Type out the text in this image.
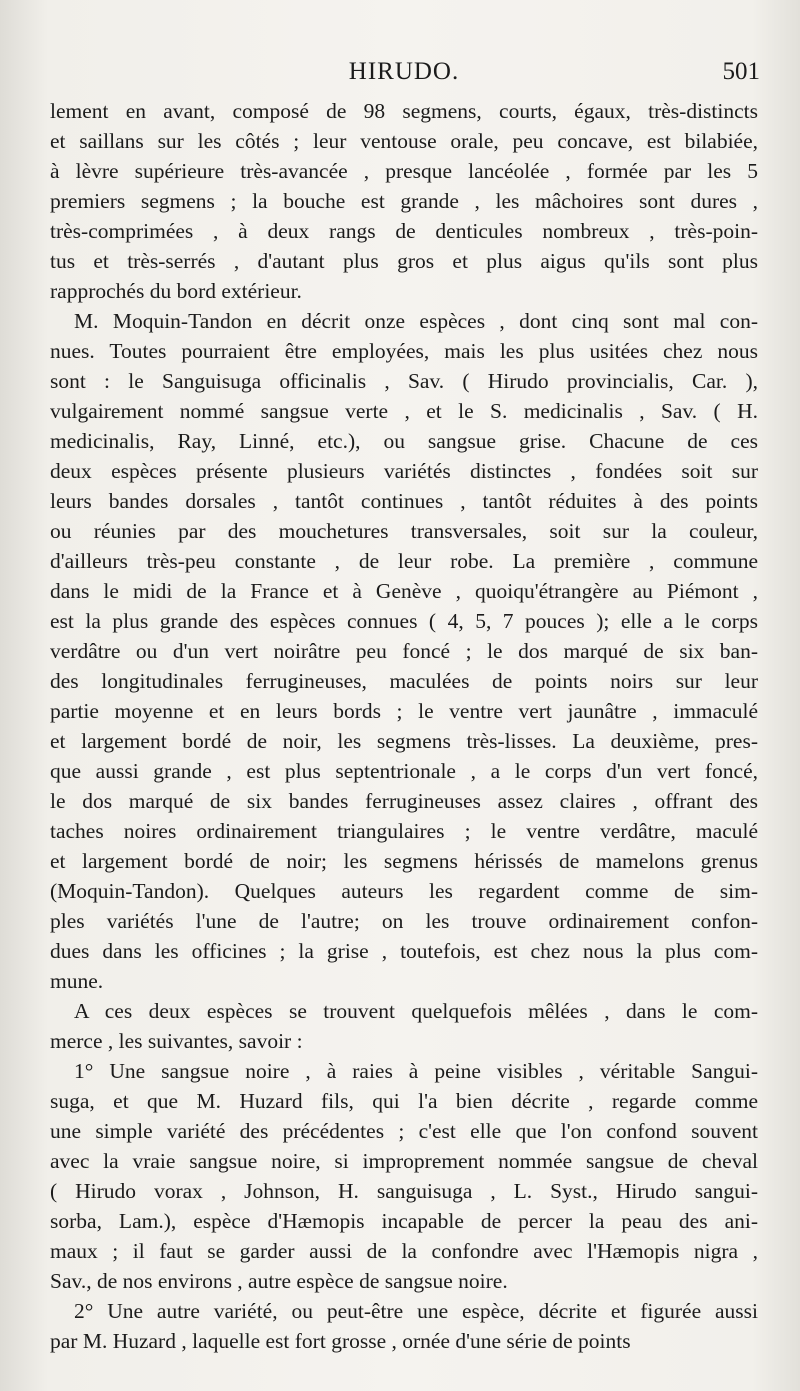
HIRUDO.	501
lement en avant, composé de 98 segmens, courts, égaux, très-distincts
et saillans sur les côtés ; leur ventouse orale, peu concave, est bilabiée,
à lèvre supérieure très-avancée , presque lancéolée , formée par les 5
premiers segmens ; la bouche est grande , les mâchoires sont dures ,
très-comprimées , à deux rangs de denticules nombreux , très-poin-
tus et très-serrés , d'autant plus gros et plus aigus qu'ils sont plus
rapprochés du bord extérieur.
M. Moquin-Tandon en décrit onze espèces , dont cinq sont mal con-
nues. Toutes pourraient être employées, mais les plus usitées chez nous
sont : le Sanguisuga officinalis , Sav. ( Hirudo provincialis, Car. ),
vulgairement nommé sangsue verte , et le S. medicinalis , Sav. ( H.
medicinalis, Ray, Linné, etc.), ou sangsue grise. Chacune de ces
deux espèces présente plusieurs variétés distinctes , fondées soit sur
leurs bandes dorsales , tantôt continues , tantôt réduites à des points
ou réunies par des mouchetures transversales, soit sur la couleur,
d'ailleurs très-peu constante , de leur robe. La première , commune
dans le midi de la France et à Genève , quoiqu'étrangère au Piémont ,
est la plus grande des espèces connues ( 4, 5, 7 pouces ); elle a le corps
verdâtre ou d'un vert noirâtre peu foncé ; le dos marqué de six ban-
des longitudinales ferrugineuses, maculées de points noirs sur leur
partie moyenne et en leurs bords ; le ventre vert jaunâtre , immaculé
et largement bordé de noir, les segmens très-lisses. La deuxième, pres-
que aussi grande , est plus septentrionale , a le corps d'un vert foncé,
le dos marqué de six bandes ferrugineuses assez claires , offrant des
taches noires ordinairement triangulaires ; le ventre verdâtre, maculé
et largement bordé de noir; les segmens hérissés de mamelons grenus
(Moquin-Tandon). Quelques auteurs les regardent comme de sim-
ples variétés l'une de l'autre; on les trouve ordinairement confon-
dues dans les officines ; la grise , toutefois, est chez nous la plus com-
mune.
A ces deux espèces se trouvent quelquefois mêlées , dans le com-
merce , les suivantes, savoir :
1° Une sangsue noire , à raies à peine visibles , véritable Sangui-
suga, et que M. Huzard fils, qui l'a bien décrite , regarde comme
une simple variété des précédentes ; c'est elle que l'on confond souvent
avec la vraie sangsue noire, si improprement nommée sangsue de cheval
( Hirudo vorax , Johnson, H. sanguisuga , L. Syst., Hirudo sangui-
sorba, Lam.), espèce d'Hæmopis incapable de percer la peau des ani-
maux ; il faut se garder aussi de la confondre avec l'Hæmopis nigra ,
Sav., de nos environs , autre espèce de sangsue noire.
2° Une autre variété, ou peut-être une espèce, décrite et figurée aussi
par M. Huzard , laquelle est fort grosse , ornée d'une série de points
